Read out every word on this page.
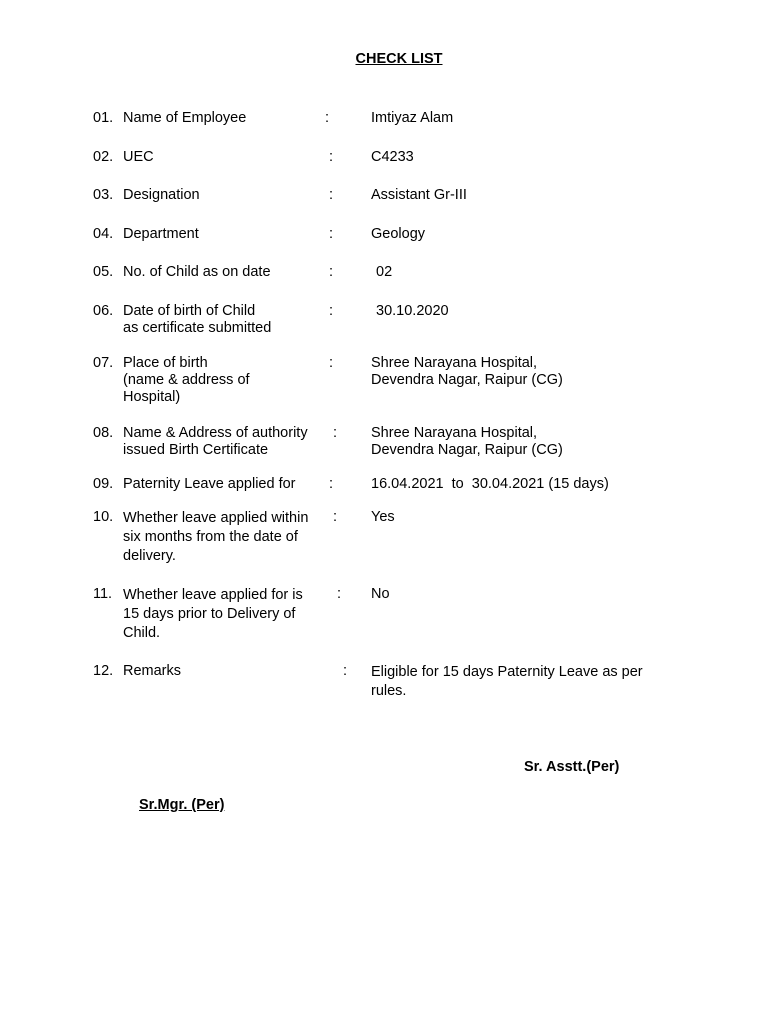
CHECK LIST
01. Name of Employee	:	Imtiyaz Alam
02. UEC	:	C4233
03. Designation	:	Assistant Gr-III
04. Department	:	Geology
05. No. of Child as on date	:	02
06. Date of birth of Child
as certificate submitted
:	30.10.2020
07. Place of birth
(name & address of
Hospital)
:	Shree Narayana Hospital,
Devendra Nagar, Raipur (CG)
08. Name & Address of authority
issued Birth Certificate
: Shree Narayana Hospital,
Devendra Nagar, Raipur (CG)
09. Paternity Leave applied for	:	16.04.2021  to  30.04.2021 (15 days)
10. Whether leave applied within
six months from the date of
delivery.
: Yes
11. Whether leave applied for is
15 days prior to Delivery of
Child.
: No
12. Remarks	: Eligible for 15 days Paternity Leave as per
rules.
Sr. Asstt.(Per)
Sr.Mgr. (Per)
